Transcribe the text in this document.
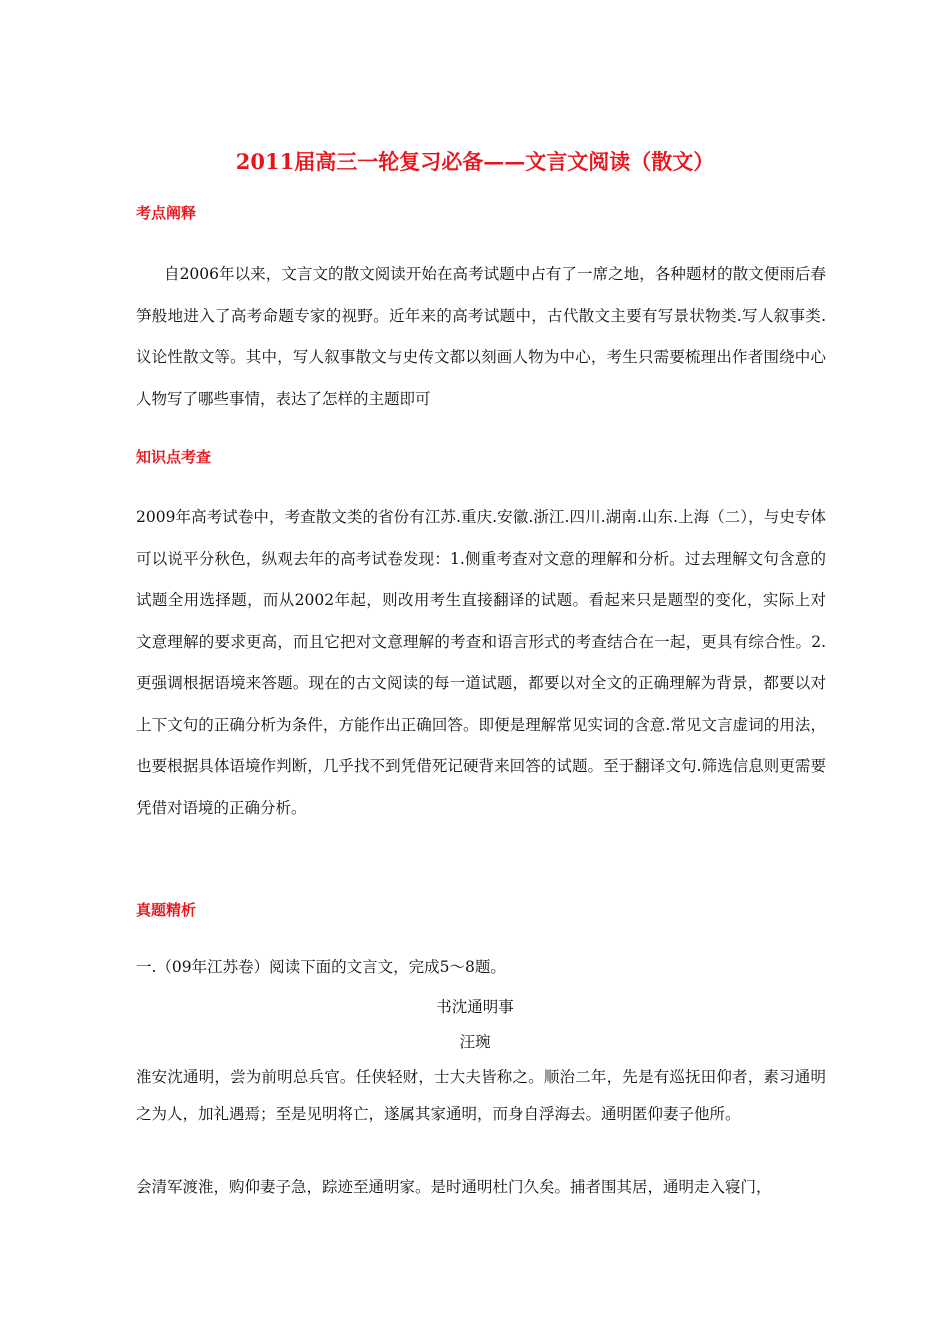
2011届高三一轮复习必备——文言文阅读（散文）
考点阐释

自2006年以来，文言文的散文阅读开始在高考试题中占有了一席之地，各种题材的散文便雨后春笋般地进入了高考命题专家的视野。近年来的高考试题中，古代散文主要有写景状物类.写人叙事类.议论性散文等。其中，写人叙事散文与史传文都以刻画人物为中心，考生只需要梳理出作者围绕中心人物写了哪些事情，表达了怎样的主题即可

知识点考查

2009年高考试卷中，考查散文类的省份有江苏.重庆.安徽.浙江.四川.湖南.山东.上海（二），与史专体可以说平分秋色，纵观去年的高考试卷发现：1.侧重考查对文意的理解和分析。过去理解文句含意的试题全用选择题，而从2002年起，则改用考生直接翻译的试题。看起来只是题型的变化，实际上对文意理解的要求更高，而且它把对文意理解的考查和语言形式的考查结合在一起，更具有综合性。2.更强调根据语境来答题。现在的古文阅读的每一道试题，都要以对全文的正确理解为背景，都要以对上下文句的正确分析为条件，方能作出正确回答。即便是理解常见实词的含意.常见文言虚词的用法，也要根据具体语境作判断，几乎找不到凭借死记硬背来回答的试题。至于翻译文句.筛选信息则更需要凭借对语境的正确分析。

真题精析

一.（09年江苏卷）阅读下面的文言文，完成5～8题。

书沈通明事
汪琬

淮安沈通明，尝为前明总兵官。任侠轻财，士大夫皆称之。顺治二年，先是有巡抚田仰者，素习通明之为人，加礼遇焉；至是见明将亡，遂属其家通明，而身自浮海去。通明匿仰妻子他所。

会清军渡淮，购仰妻子急，踪迹至通明家。是时通明杜门久矣。捕者围其居，通明走入寝门，
